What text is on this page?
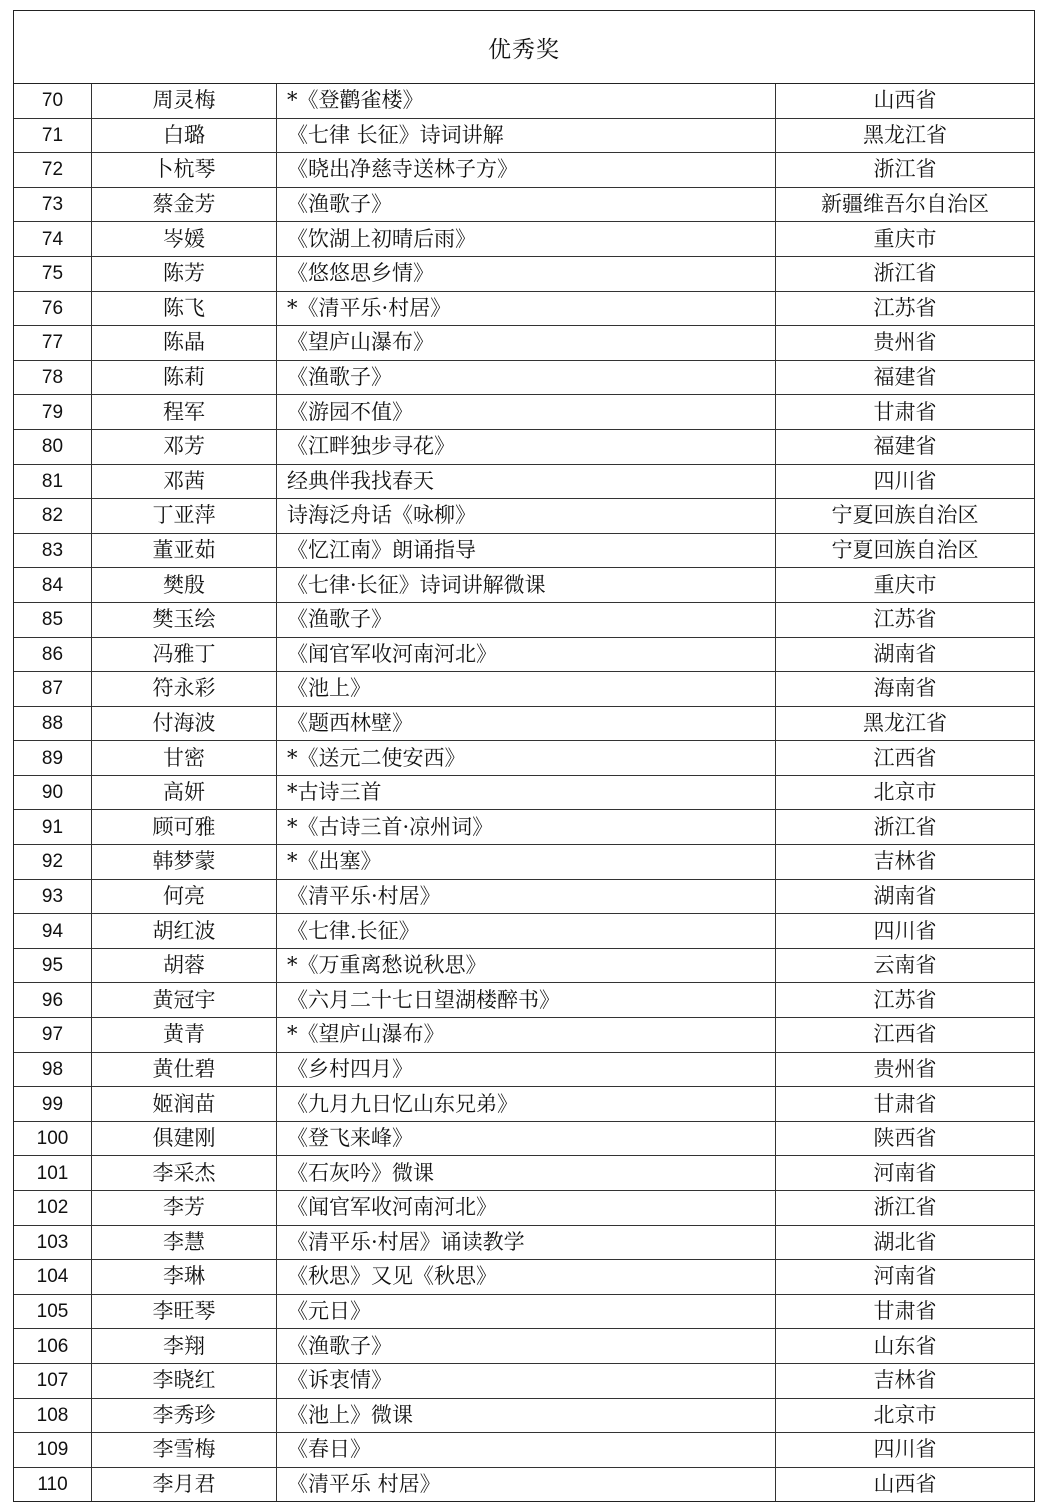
优秀奖
70	周灵梅	*《登鹳雀楼》	山西省
71	白璐	《七律 长征》诗词讲解	黑龙江省
72	卜杭琴	《晓出净慈寺送林子方》	浙江省
73	蔡金芳	《渔歌子》	新疆维吾尔自治区
74	岑媛	《饮湖上初晴后雨》	重庆市
75	陈芳	《悠悠思乡情》	浙江省
76	陈飞	*《清平乐·村居》	江苏省
77	陈晶	《望庐山瀑布》	贵州省
78	陈莉	《渔歌子》	福建省
79	程军	《游园不值》	甘肃省
80	邓芳	《江畔独步寻花》	福建省
81	邓茜	经典伴我找春天	四川省
82	丁亚萍	诗海泛舟话《咏柳》	宁夏回族自治区
83	董亚茹	《忆江南》朗诵指导	宁夏回族自治区
84	樊殷	《七律·长征》诗词讲解微课	重庆市
85	樊玉绘	《渔歌子》	江苏省
86	冯雅丁	《闻官军收河南河北》	湖南省
87	符永彩	《池上》	海南省
88	付海波	《题西林壁》	黑龙江省
89	甘密	*《送元二使安西》	江西省
90	高妍	*古诗三首	北京市
91	顾可雅	*《古诗三首·凉州词》	浙江省
92	韩梦蒙	*《出塞》	吉林省
93	何亮	《清平乐·村居》	湖南省
94	胡红波	《七律.长征》	四川省
95	胡蓉	*《万重离愁说秋思》	云南省
96	黄冠宇	《六月二十七日望湖楼醉书》	江苏省
97	黄青	*《望庐山瀑布》	江西省
98	黄仕碧	《乡村四月》	贵州省
99	姬润苗	《九月九日忆山东兄弟》	甘肃省
100	俱建刚	《登飞来峰》	陕西省
101	李采杰	《石灰吟》微课	河南省
102	李芳	《闻官军收河南河北》	浙江省
103	李慧	《清平乐·村居》诵读教学	湖北省
104	李琳	《秋思》又见《秋思》	河南省
105	李旺琴	《元日》	甘肃省
106	李翔	《渔歌子》	山东省
107	李晓红	《诉衷情》	吉林省
108	李秀珍	《池上》微课	北京市
109	李雪梅	《春日》	四川省
110	李月君	《清平乐 村居》	山西省
